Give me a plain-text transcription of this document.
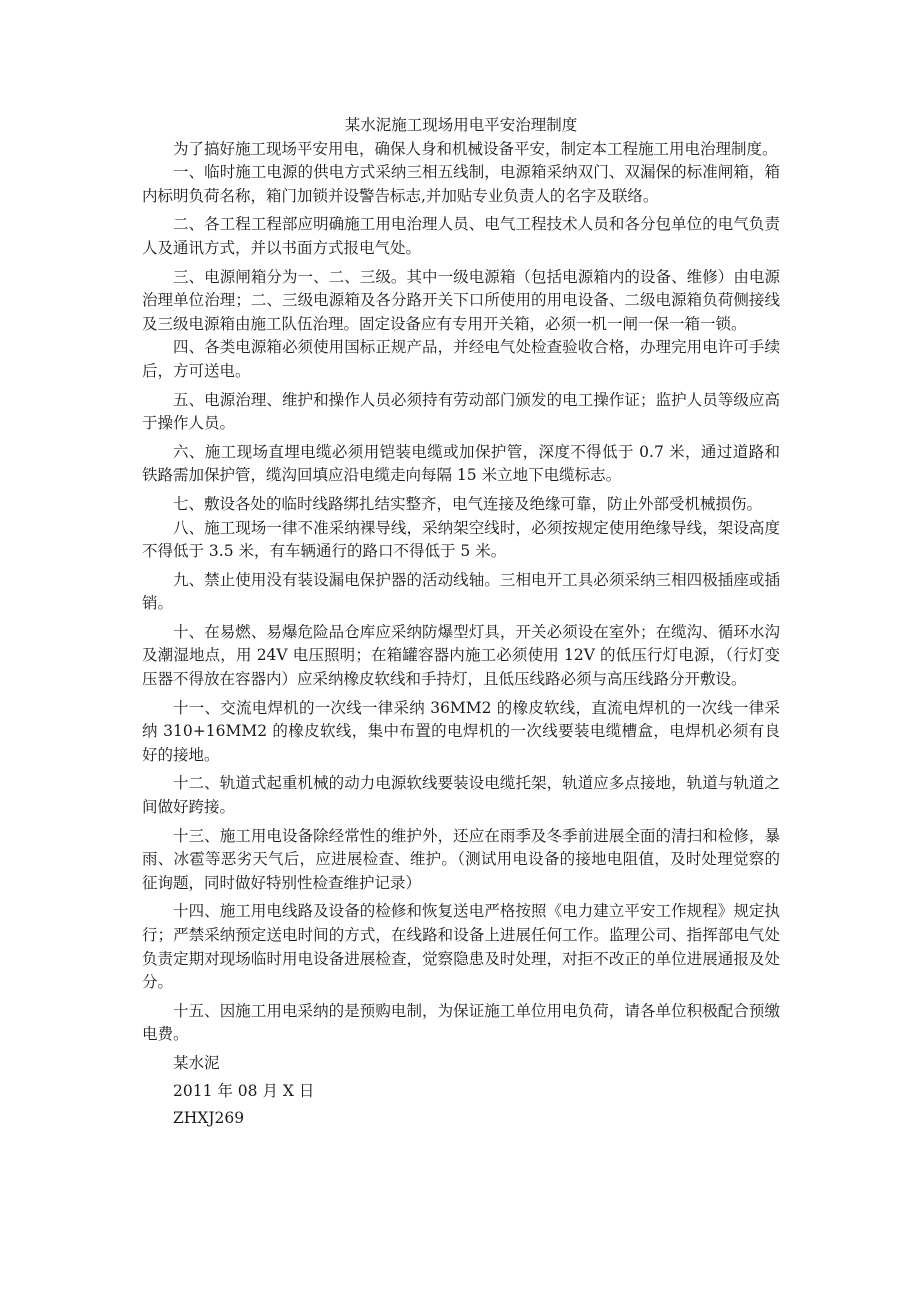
某水泥施工现场用电平安治理制度

为了搞好施工现场平安用电，确保人身和机械设备平安，制定本工程施工用电治理制度。

一、临时施工电源的供电方式采纳三相五线制，电源箱采纳双门、双漏保的标准闸箱，箱内标明负荷名称，箱门加锁并设警告标志,并加贴专业负责人的名字及联络。

二、各工程工程部应明确施工用电治理人员、电气工程技术人员和各分包单位的电气负责人及通讯方式，并以书面方式报电气处。

三、电源闸箱分为一、二、三级。其中一级电源箱（包括电源箱内的设备、维修）由电源治理单位治理；二、三级电源箱及各分路开关下口所使用的用电设备、二级电源箱负荷侧接线及三级电源箱由施工队伍治理。固定设备应有专用开关箱，必须一机一闸一保一箱一锁。

四、各类电源箱必须使用国标正规产品，并经电气处检查验收合格，办理完用电许可手续后，方可送电。

五、电源治理、维护和操作人员必须持有劳动部门颁发的电工操作证；监护人员等级应高于操作人员。

六、施工现场直埋电缆必须用铠装电缆或加保护管，深度不得低于 0.7 米，通过道路和铁路需加保护管，缆沟回填应沿电缆走向每隔 15 米立地下电缆标志。

七、敷设各处的临时线路绑扎结实整齐，电气连接及绝缘可靠，防止外部受机械损伤。

八、施工现场一律不准采纳裸导线，采纳架空线时，必须按规定使用绝缘导线，架设高度不得低于 3.5 米，有车辆通行的路口不得低于 5 米。

九、禁止使用没有装设漏电保护器的活动线轴。三相电开工具必须采纳三相四极插座或插销。

十、在易燃、易爆危险品仓库应采纳防爆型灯具，开关必须设在室外；在缆沟、循环水沟及潮湿地点，用 24V 电压照明；在箱罐容器内施工必须使用 12V 的低压行灯电源，（行灯变压器不得放在容器内）应采纳橡皮软线和手持灯，且低压线路必须与高压线路分开敷设。

十一、交流电焊机的一次线一律采纳 36MM2 的橡皮软线，直流电焊机的一次线一律采纳 310+16MM2 的橡皮软线，集中布置的电焊机的一次线要装电缆槽盒，电焊机必须有良好的接地。

十二、轨道式起重机械的动力电源软线要装设电缆托架，轨道应多点接地，轨道与轨道之间做好跨接。

十三、施工用电设备除经常性的维护外，还应在雨季及冬季前进展全面的清扫和检修，暴雨、冰雹等恶劣天气后，应进展检查、维护。（测试用电设备的接地电阻值，及时处理觉察的征询题，同时做好特别性检查维护记录）

十四、施工用电线路及设备的检修和恢复送电严格按照《电力建立平安工作规程》规定执行；严禁采纳预定送电时间的方式，在线路和设备上进展任何工作。监理公司、指挥部电气处负责定期对现场临时用电设备进展检查，觉察隐患及时处理，对拒不改正的单位进展通报及处分。

十五、因施工用电采纳的是预购电制，为保证施工单位用电负荷，请各单位积极配合预缴电费。

某水泥

2011 年 08 月 X 日

ZHXJ269
